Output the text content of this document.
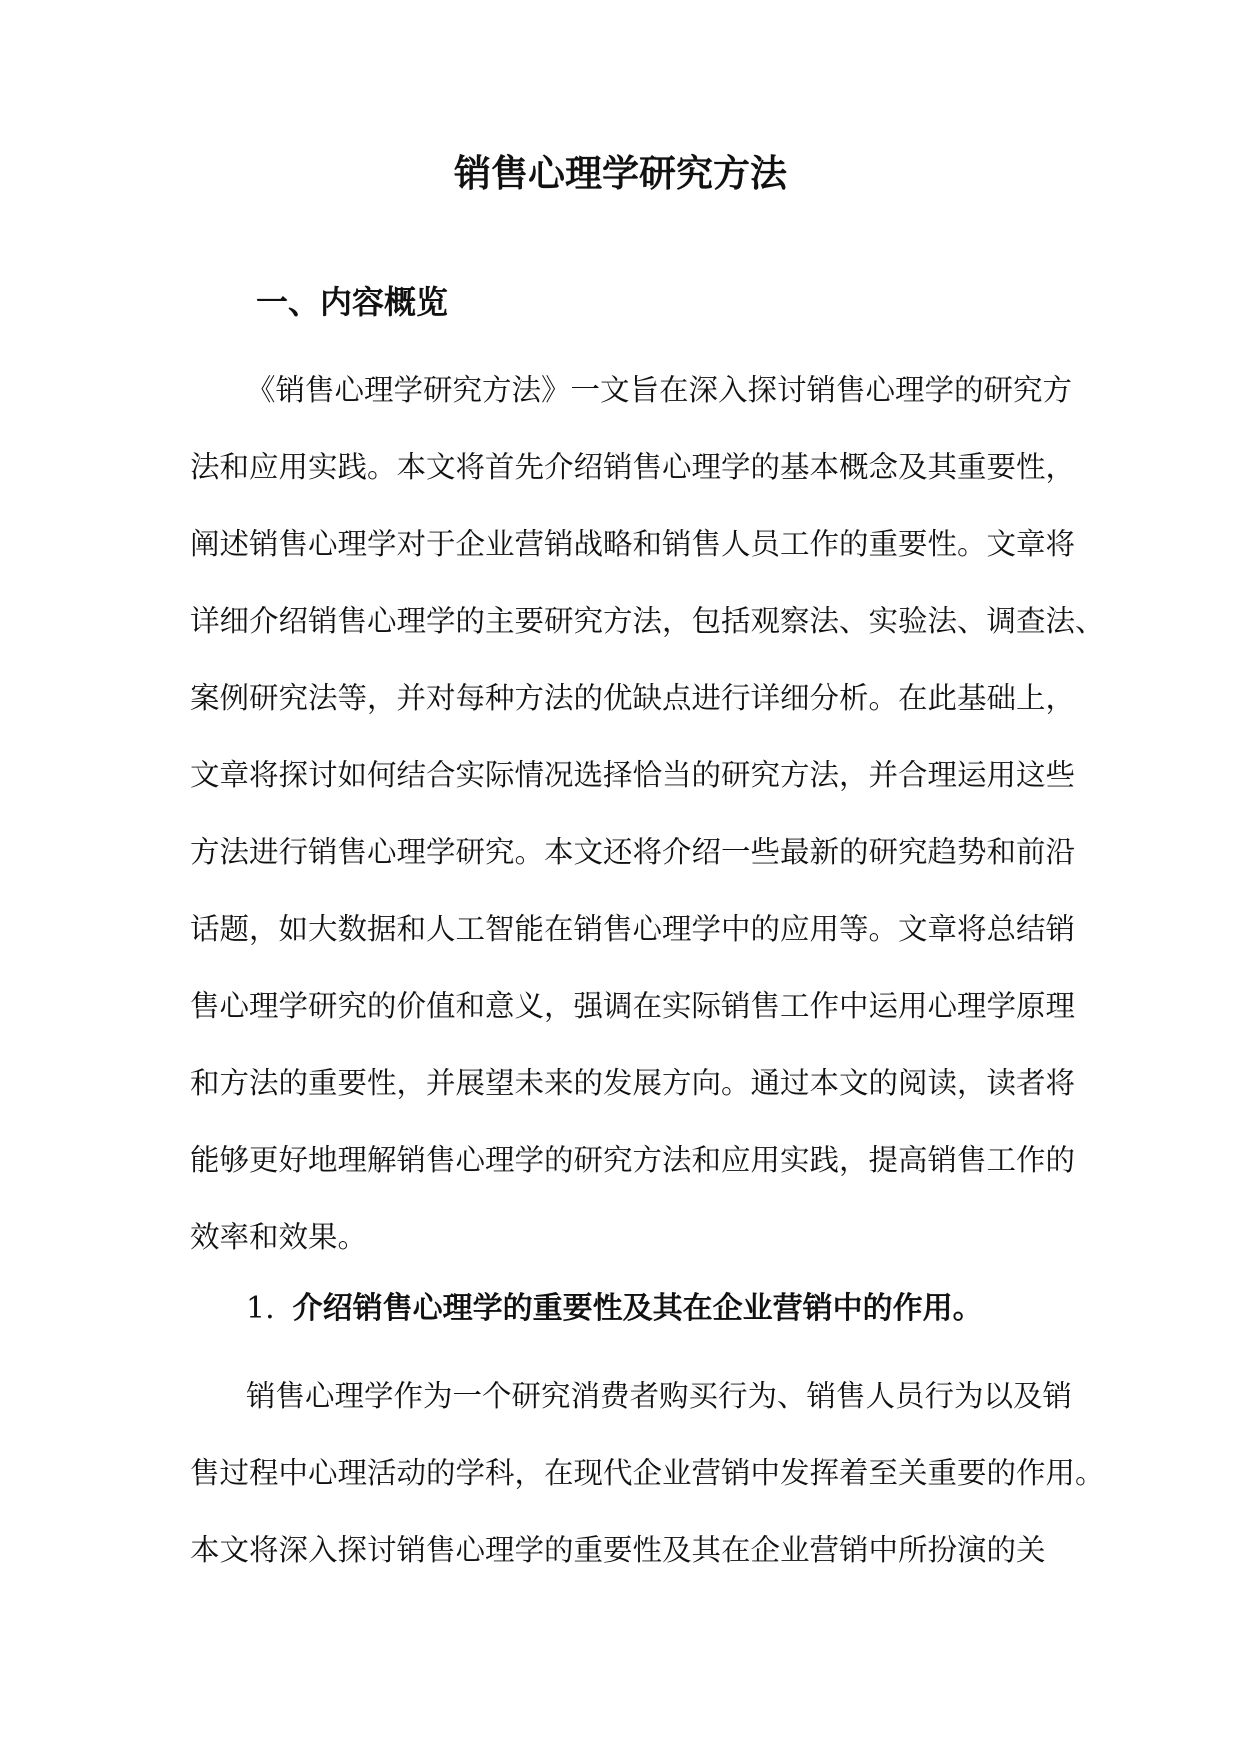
销售心理学研究方法
一、内容概览
《销售心理学研究方法》一文旨在深入探讨销售心理学的研究方
法和应用实践。本文将首先介绍销售心理学的基本概念及其重要性，
阐述销售心理学对于企业营销战略和销售人员工作的重要性。文章将
详细介绍销售心理学的主要研究方法，包括观察法、实验法、调查法、
案例研究法等，并对每种方法的优缺点进行详细分析。在此基础上，
文章将探讨如何结合实际情况选择恰当的研究方法，并合理运用这些
方法进行销售心理学研究。本文还将介绍一些最新的研究趋势和前沿
话题，如大数据和人工智能在销售心理学中的应用等。文章将总结销
售心理学研究的价值和意义，强调在实际销售工作中运用心理学原理
和方法的重要性，并展望未来的发展方向。通过本文的阅读，读者将
能够更好地理解销售心理学的研究方法和应用实践，提高销售工作的
效率和效果。
1. 介绍销售心理学的重要性及其在企业营销中的作用。
销售心理学作为一个研究消费者购买行为、销售人员行为以及销
售过程中心理活动的学科，在现代企业营销中发挥着至关重要的作用。
本文将深入探讨销售心理学的重要性及其在企业营销中所扮演的关
